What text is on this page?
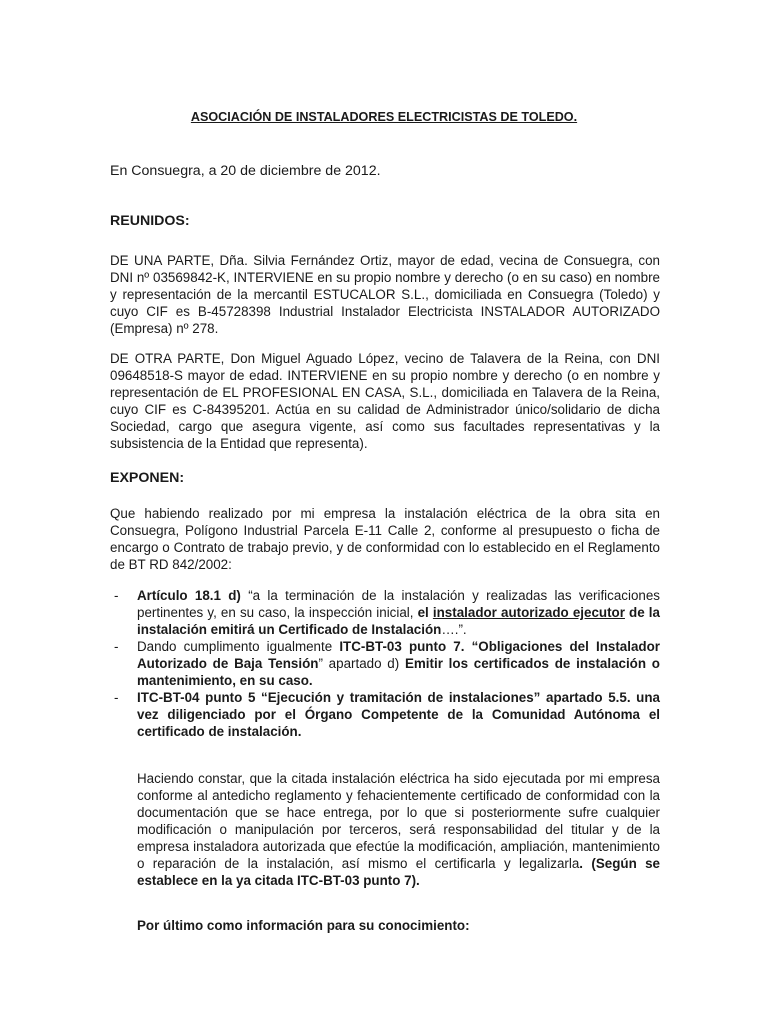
ASOCIACIÓN DE INSTALADORES ELECTRICISTAS DE TOLEDO.
En Consuegra, a 20 de diciembre de 2012.
REUNIDOS:
DE UNA PARTE, Dña. Silvia Fernández Ortiz, mayor de edad, vecina de Consuegra, con DNI nº 03569842-K, INTERVIENE en su propio nombre y derecho (o en su caso) en nombre y representación de la mercantil ESTUCALOR S.L., domiciliada en Consuegra (Toledo) y cuyo CIF es B-45728398 Industrial Instalador Electricista INSTALADOR AUTORIZADO (Empresa) nº 278.
DE OTRA PARTE, Don Miguel Aguado López, vecino de Talavera de la Reina, con DNI 09648518-S mayor de edad. INTERVIENE en su propio nombre y derecho (o en nombre y representación de EL PROFESIONAL EN CASA, S.L., domiciliada en Talavera de la Reina, cuyo CIF es C-84395201. Actúa en su calidad de Administrador único/solidario de dicha Sociedad, cargo que asegura vigente, así como sus facultades representativas y la subsistencia de la Entidad que representa).
EXPONEN:
Que habiendo realizado por mi empresa la instalación eléctrica de la obra sita en Consuegra, Polígono Industrial Parcela E-11 Calle 2, conforme al presupuesto o ficha de encargo o Contrato de trabajo previo, y de conformidad con lo establecido en el Reglamento de BT RD 842/2002:
- Artículo 18.1 d) “a la terminación de la instalación y realizadas las verificaciones pertinentes y, en su caso, la inspección inicial, el instalador autorizado ejecutor de la instalación emitirá un Certificado de Instalación….”.
- Dando cumplimento igualmente ITC-BT-03 punto 7. “Obligaciones del Instalador Autorizado de Baja Tensión” apartado d) Emitir los certificados de instalación o mantenimiento, en su caso.
- ITC-BT-04 punto 5 “Ejecución y tramitación de instalaciones” apartado 5.5. una vez diligenciado por el Órgano Competente de la Comunidad Autónoma el certificado de instalación.
Haciendo constar, que la citada instalación eléctrica ha sido ejecutada por mi empresa conforme al antedicho reglamento y fehacientemente certificado de conformidad con la documentación que se hace entrega, por lo que si posteriormente sufre cualquier modificación o manipulación por terceros, será responsabilidad del titular y de la empresa instaladora autorizada que efectúe la modificación, ampliación, mantenimiento o reparación de la instalación, así mismo el certificarla y legalizarla. (Según se establece en la ya citada ITC-BT-03 punto 7).
Por último como información para su conocimiento:
